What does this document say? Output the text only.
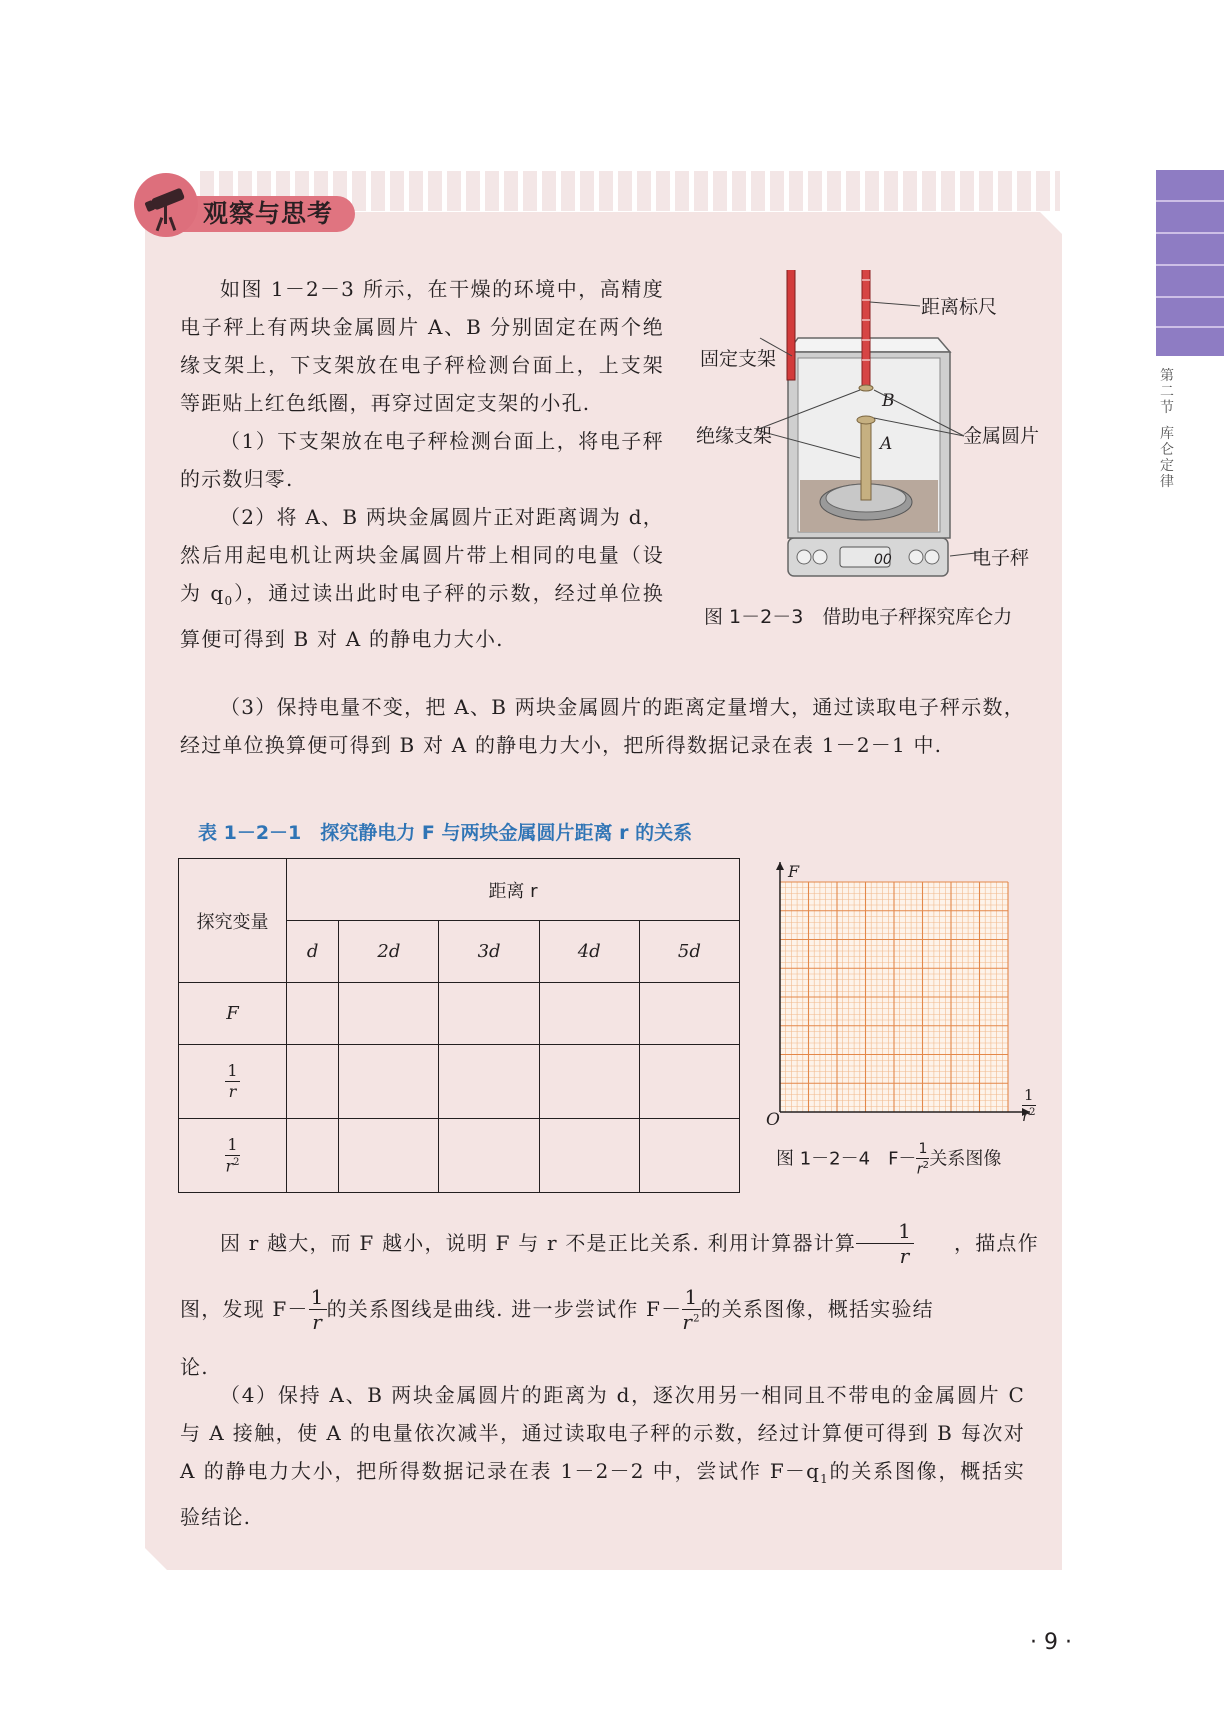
第
二
节
库
仑
定
律
观察与思考

如图 1－2－3 所示，在干燥的环境中，高精度电子秤上有两块金属圆片 A、B 分别固定在两个绝缘支架上，下支架放在电子秤检测台面上，上支架等距贴上红色纸圈，再穿过固定支架的小孔.

（1）下支架放在电子秤检测台面上，将电子秤的示数归零.

（2）将 A、B 两块金属圆片正对距离调为 d，然后用起电机让两块金属圆片带上相同的电量（设为 $q_0$），通过读出此时电子秤的示数，经过单位换算便可得到 B 对 A 的静电力大小.

距离标尺
固定支架
绝缘支架	金属圆片
电子秤
B
A
00
图 1－2－3　借助电子秤探究库仑力

（3）保持电量不变，把 A、B 两块金属圆片的距离定量增大，通过读取电子秤示数，经过单位换算便可得到 B 对 A 的静电力大小，把所得数据记录在表 1－2－1 中.

表 1－2－1　探究静电力 F 与两块金属圆片距离 r 的关系
探究变量	距离 r				
	d	2d	3d	4d	5d
F					

$\frac{1}{r}$

$\frac{1}{r^2}$

F
O	$\frac{1}{r^2}$
图 1－2－4　$F- \frac{1}{r^2}$ 关系图像
因 r 越大，而 F 越小，说明 F 与 r 不是正比关系. 利用计算器计算 $\frac{1}{r}$	，描点作
图，发现 $F- \frac{1}{r}$ 的关系图线是曲线. 进一步尝试作 $F- \frac{1}{r^2}$ 的关系图像，概括实验结
论.

（4）保持 A、B 两块金属圆片的距离为 d，逐次用另一相同且不带电的金属圆片 C 与 A 接触，使 A 的电量依次减半，通过读取电子秤的示数，经过计算便可得到 B 每次对 A 的静电力大小，把所得数据记录在表 1－2－2 中，尝试作 $F-q_1$的关系图像，概括实验结论.

· 9 ·
